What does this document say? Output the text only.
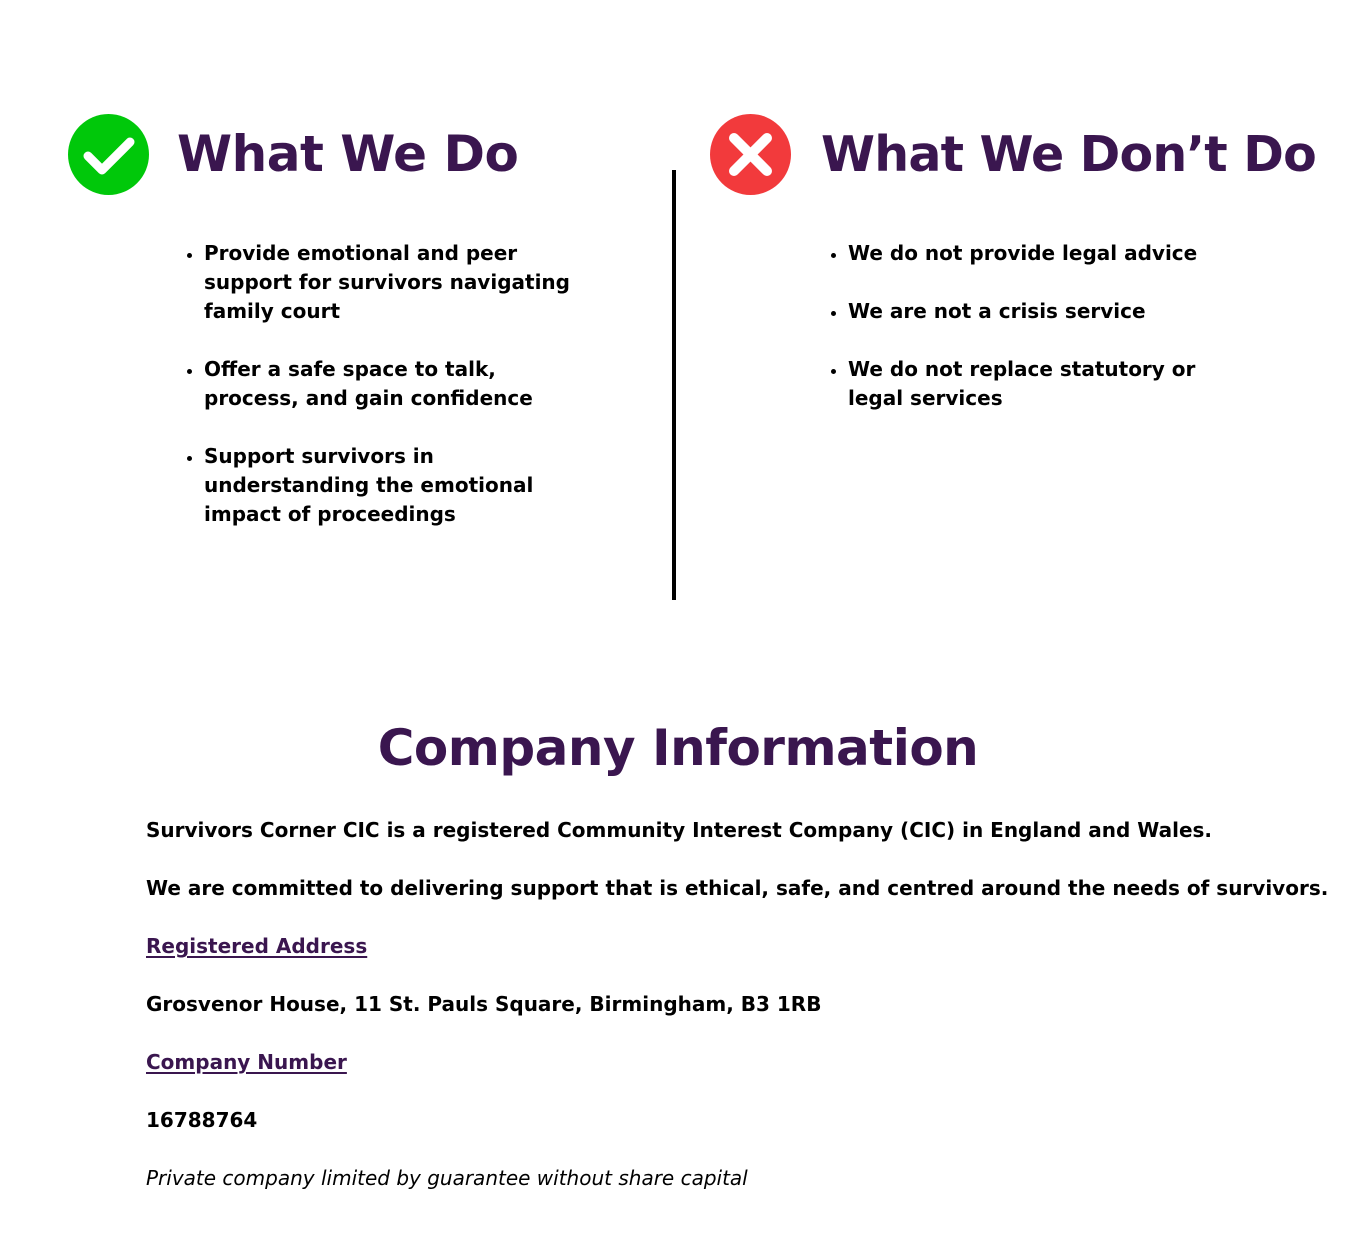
What We Do
• Provide emotional and peer support for survivors navigating family court
• Offer a safe space to talk, process, and gain confidence
• Support survivors in understanding the emotional impact of proceedings
What We Don’t Do
• We do not provide legal advice
• We are not a crisis service
• We do not replace statutory or legal services
Company Information

Survivors Corner CIC is a registered Community Interest Company (CIC) in England and Wales.

We are committed to delivering support that is ethical, safe, and centred around the needs of survivors.

Registered Address

Grosvenor House, 11 St. Pauls Square, Birmingham, B3 1RB

Company Number

16788764

Private company limited by guarantee without share capital
